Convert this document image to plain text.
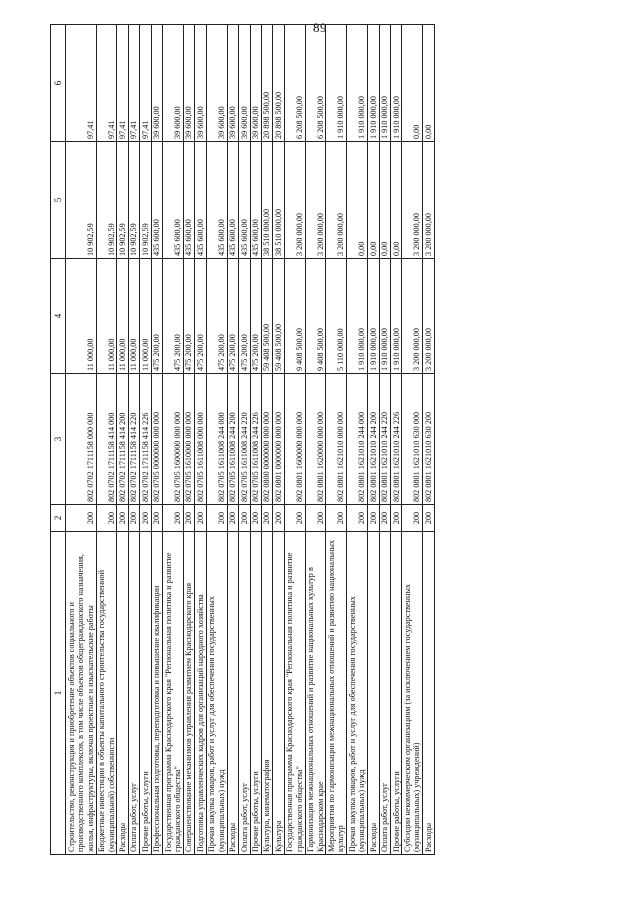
89
1	2	3	4	5	6
Строительство, реконструкция и приобретение объектов социального и производственного комплексов, в том числе объектов общегражданского назначения, жилья, инфраструктуры, включая проектные и изыскательские работы	200	802 0702 1711158 000 000	11 000,00	10 902,59	97,41
Бюджетные инвестиции в объекты капитального строительства государственной (муниципальной) собственности	200	802 0702 1711158 414 000	11 000,00	10 902,59	97,41
Расходы	200	802 0702 1711158 414 200	11 000,00	10 902,59	97,41
Оплата работ, услуг	200	802 0702 1711158 414 220	11 000,00	10 902,59	97,41
Прочие работы, услуги	200	802 0702 1711158 414 226	11 000,00	10 902,59	97,41
Профессиональная подготовка, переподготовка и повышение квалификации	200	802 0705 0000000 000 000	475 200,00	435 600,00	39 600,00
Государственная программа Краснодарского края "Региональная политика и развитие гражданского общества"	200	802 0705 1600000 000 000	475 200,00	435 600,00	39 600,00
Совершенствование механизмов управления развитием Краснодарского края	200	802 0705 1610000 000 000	475 200,00	435 600,00	39 600,00
Подготовка управленческих кадров для организаций народного хозяйства	200	802 0705 1611008 000 000	475 200,00	435 600,00	39 600,00
Прочая закупка товаров, работ и услуг для обеспечения государственных (муниципальных) нужд	200	802 0705 1611008 244 000	475 200,00	435 600,00	39 600,00
Расходы	200	802 0705 1611008 244 200	475 200,00	435 600,00	39 600,00
Оплата работ, услуг	200	802 0705 1611008 244 220	475 200,00	435 600,00	39 600,00
Прочие работы, услуги	200	802 0705 1611008 244 226	475 200,00	435 600,00	39 600,00
Культура, кинематография	200	802 0800 0000000 000 000	59 408 500,00	38 510 000,00	20 898 500,00
Культура	200	802 0801 0000000 000 000	59 408 500,00	38 510 000,00	20 898 500,00
Государственная программа Краснодарского края "Региональная политика и развитие гражданского общества"	200	802 0801 1600000 000 000	9 408 500,00	3 200 000,00	6 208 500,00
Гармонизация межнациональных отношений и развитие национальных культур в Краснодарском крае	200	802 0801 1620000 000 000	9 408 500,00	3 200 000,00	6 208 500,00
Мероприятия по гармонизации межнациональных отношений и развитию национальных культур	200	802 0801 1621010 000 000	5 110 000,00	3 200 000,00	1 910 000,00
Прочая закупка товаров, работ и услуг для обеспечения государственных (муниципальных) нужд	200	802 0801 1621010 244 000	1 910 000,00	0,00	1 910 000,00
Расходы	200	802 0801 1621010 244 200	1 910 000,00	0,00	1 910 000,00
Оплата работ, услуг	200	802 0801 1621010 244 220	1 910 000,00	0,00	1 910 000,00
Прочие работы, услуги	200	802 0801 1621010 244 226	1 910 000,00	0,00	1 910 000,00
Субсидии некоммерческим организациям (за исключением государственных (муниципальных) учреждений)	200	802 0801 1621010 630 000	3 200 000,00	3 200 000,00	0,00
Расходы	200	802 0801 1621010 630 200	3 200 000,00	3 200 000,00	0,00
